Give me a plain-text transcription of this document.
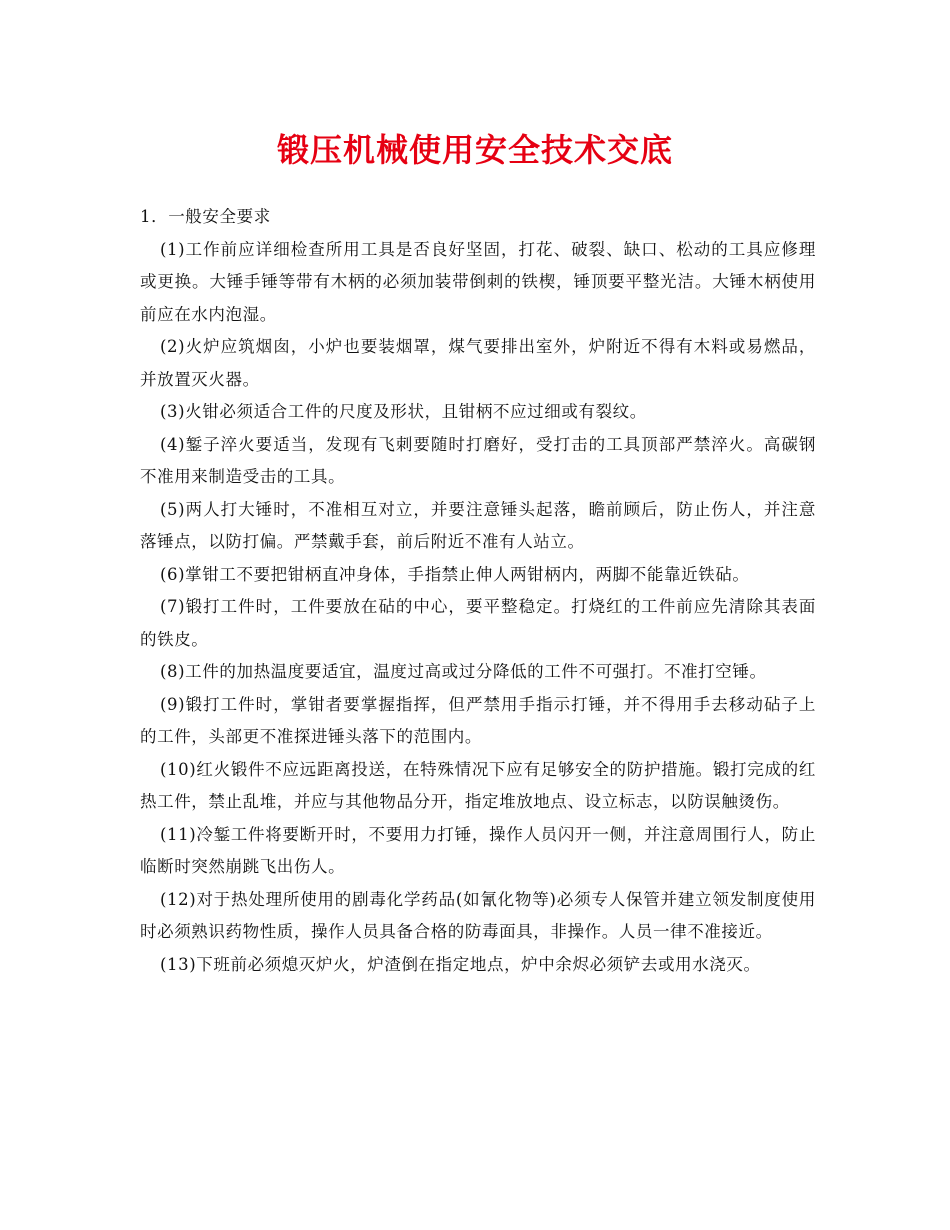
锻压机械使用安全技术交底

1．一般安全要求

(1)工作前应详细检查所用工具是否良好坚固，打花、破裂、缺口、松动的工具应修理或更换。大锤手锤等带有木柄的必须加装带倒刺的铁楔，锤顶要平整光洁。大锤木柄使用前应在水内泡湿。

(2)火炉应筑烟囱，小炉也要装烟罩，煤气要排出室外，炉附近不得有木料或易燃品，并放置灭火器。

(3)火钳必须适合工件的尺度及形状，且钳柄不应过细或有裂纹。

(4)錾子淬火要适当，发现有飞刺要随时打磨好，受打击的工具顶部严禁淬火。高碳钢不准用来制造受击的工具。

(5)两人打大锤时，不准相互对立，并要注意锤头起落，瞻前顾后，防止伤人，并注意落锤点，以防打偏。严禁戴手套，前后附近不准有人站立。

(6)掌钳工不要把钳柄直冲身体，手指禁止伸人两钳柄内，两脚不能靠近铁砧。

(7)锻打工件时，工件要放在砧的中心，要平整稳定。打烧红的工件前应先清除其表面的铁皮。

(8)工件的加热温度要适宜，温度过高或过分降低的工件不可强打。不准打空锤。

(9)锻打工件时，掌钳者要掌握指挥，但严禁用手指示打锤，并不得用手去移动砧子上的工件，头部更不准探进锤头落下的范围内。

(10)红火锻件不应远距离投送，在特殊情况下应有足够安全的防护措施。锻打完成的红热工件，禁止乱堆，并应与其他物品分开，指定堆放地点、设立标志，以防误触烫伤。

(11)冷錾工件将要断开时，不要用力打锤，操作人员闪开一侧，并注意周围行人，防止临断时突然崩跳飞出伤人。

(12)对于热处理所使用的剧毒化学药品(如氰化物等)必须专人保管并建立领发制度使用时必须熟识药物性质，操作人员具备合格的防毒面具，非操作。人员一律不准接近。

(13)下班前必须熄灭炉火，炉渣倒在指定地点，炉中余烬必须铲去或用水浇灭。
